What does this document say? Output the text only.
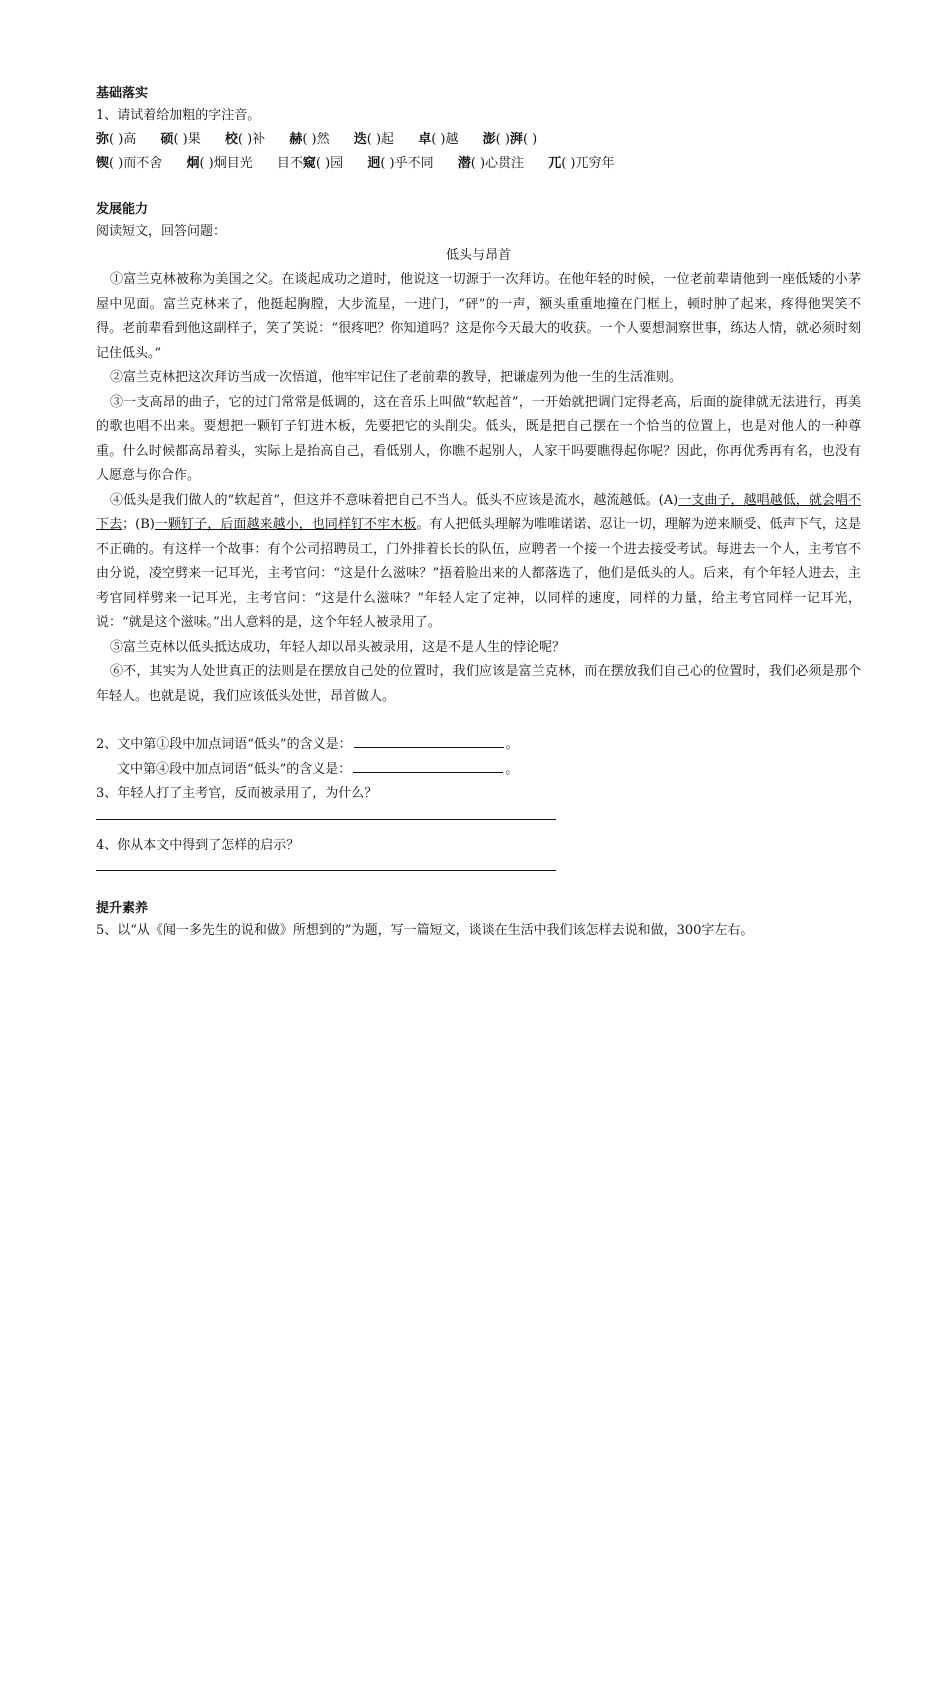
基础落实

1、请试着给加粗的字注音。

弥( )高 硕( )果 校( )补 赫( )然 迭( )起 卓( )越 澎( )湃( )

锲( )而不舍 炯( )炯目光 目不窥( )园 迥( )乎不同 潜( )心贯注 兀( )兀穷年

发展能力

阅读短文，回答问题：

低头与昂首

①富兰克林被称为美国之父。在谈起成功之道时，他说这一切源于一次拜访。在他年轻的时候，一位老前辈请他到一座低矮的小茅屋中见面。富兰克林来了，他挺起胸膛，大步流星，一进门，“砰”的一声，额头重重地撞在门框上，顿时肿了起来，疼得他哭笑不得。老前辈看到他这副样子，笑了笑说：“很疼吧？你知道吗？这是你今天最大的收获。一个人要想洞察世事，练达人情，就必须时刻记住低头。”

②富兰克林把这次拜访当成一次悟道，他牢牢记住了老前辈的教导，把谦虚列为他一生的生活准则。

③一支高昂的曲子，它的过门常常是低调的，这在音乐上叫做“软起首”，一开始就把调门定得老高，后面的旋律就无法进行，再美的歌也唱不出来。要想把一颗钉子钉进木板，先要把它的头削尖。低头，既是把自己摆在一个恰当的位置上，也是对他人的一种尊重。什么时候都高昂着头，实际上是抬高自己，看低别人，你瞧不起别人，人家干吗要瞧得起你呢？因此，你再优秀再有名，也没有人愿意与你合作。

④低头是我们做人的“软起首”，但这并不意味着把自己不当人。低头不应该是流水，越流越低。(A)一支曲子，越唱越低，就会唱不下去；(B)一颗钉子，后面越来越小，也同样钉不牢木板。有人把低头理解为唯唯诺诺、忍让一切，理解为逆来顺受、低声下气，这是不正确的。有这样一个故事：有个公司招聘员工，门外排着长长的队伍，应聘者一个接一个进去接受考试。每进去一个人，主考官不由分说，凌空劈来一记耳光，主考官问：“这是什么滋味？”捂着脸出来的人都落选了，他们是低头的人。后来，有个年轻人进去，主考官同样劈来一记耳光，主考官问：“这是什么滋味？”年轻人定了定神，以同样的速度，同样的力量，给主考官同样一记耳光，说：“就是这个滋味。”出人意料的是，这个年轻人被录用了。

⑤富兰克林以低头抵达成功，年轻人却以昂头被录用，这是不是人生的悖论呢？

⑥不，其实为人处世真正的法则是在摆放自己处的位置时，我们应该是富兰克林，而在摆放我们自己心的位置时，我们必须是那个年轻人。也就是说，我们应该低头处世，昂首做人。

2、文中第①段中加点词语“低头”的含义是：	。

文中第④段中加点词语“低头”的含义是：	。

3、年轻人打了主考官，反而被录用了，为什么？

4、你从本文中得到了怎样的启示？

提升素养

5、以“从《闻一多先生的说和做》所想到的”为题，写一篇短文，谈谈在生活中我们该怎样去说和做，300字左右。
